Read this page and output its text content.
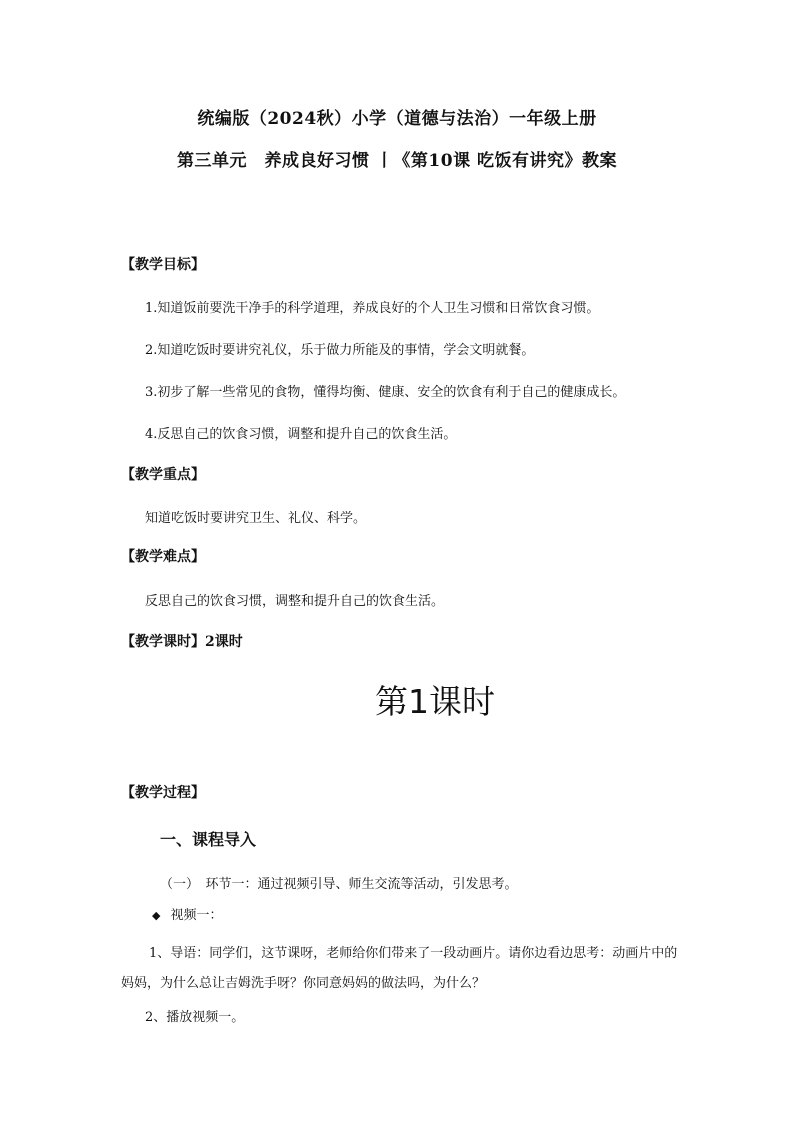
统编版（2024秋）小学（道德与法治）一年级上册
第三单元　养成良好习惯 丨《第10课 吃饭有讲究》教案
【教学目标】
1.知道饭前要洗干净手的科学道理，养成良好的个人卫生习惯和日常饮食习惯。
2.知道吃饭时要讲究礼仪，乐于做力所能及的事情，学会文明就餐。
3.初步了解一些常见的食物，懂得均衡、健康、安全的饮食有利于自己的健康成长。
4.反思自己的饮食习惯，调整和提升自己的饮食生活。
【教学重点】
知道吃饭时要讲究卫生、礼仪、科学。
【教学难点】
反思自己的饮食习惯，调整和提升自己的饮食生活。
【教学课时】2课时
第1课时
【教学过程】
一、课程导入
（一）　环节一：通过视频引导、师生交流等活动，引发思考。
◆ 视频一：
1、导语：同学们，这节课呀，老师给你们带来了一段动画片。请你边看边思考：动画片中的妈妈，为什么总让吉姆洗手呀？你同意妈妈的做法吗，为什么？
2、播放视频一。
